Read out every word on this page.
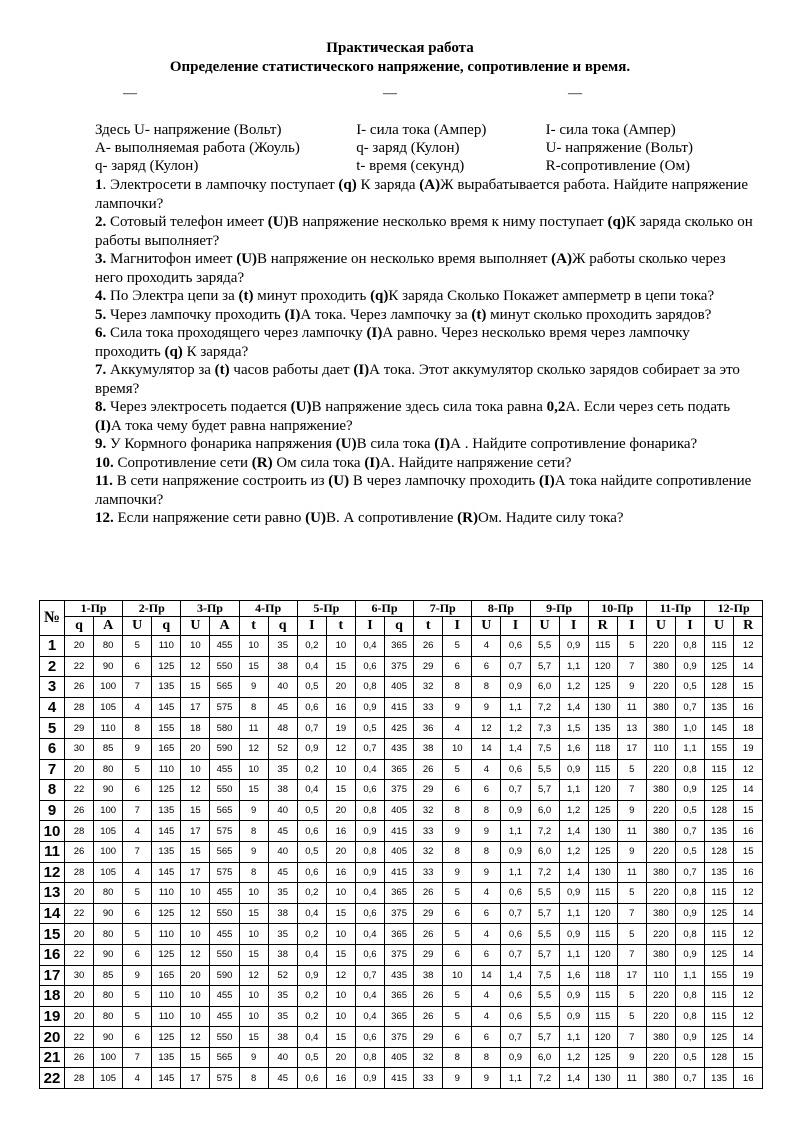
Практическая работа
Определение статистического напряжение, сопротивление и время.
—	—	—
Здесь U- напряжение (Вольт)	I- сила тока (Ампер)	I- сила тока (Ампер)
А- выполняемая работа (Жоуль)	q- заряд (Кулон)	U- напряжение (Вольт)
q- заряд (Кулон)	t- время (секунд)	R-сопротивление (Ом)

1. Электросети в лампочку поступает (q) К заряда (А)Ж вырабатывается работа. Найдите напряжение лампочки?

2. Сотовый телефон имеет (U)В напряжение несколько время к ниму поступает (q)К заряда сколько он работы выполняет?

3. Магнитофон имеет (U)В напряжение он несколько время выполняет (А)Ж работы сколько через него проходить заряда?

4. По Электра цепи за (t) минут проходить (q)К заряда Сколько Покажет амперметр в цепи тока?

5. Через лампочку проходить (I)А тока. Через лампочку за (t) минут сколько проходить зарядов?

6. Сила тока проходящего через лампочку (I)А равно. Через несколько время через лампочку проходить (q) К заряда?

7. Аккумулятор за (t) часов работы дает (I)А тока. Этот аккумулятор сколько зарядов собирает за это время?

8. Через электросеть подается (U)В напряжение здесь сила тока равна 0,2А. Если через сеть подать (I)А тока чему будет равна напряжение?

9. У Кормного фонарика напряжения (U)В сила тока (I)А . Найдите сопротивление фонарика?

10. Сопротивление сети (R) Ом сила тока (I)А. Найдите напряжение сети?

11. В сети напряжение состроить из (U) В через лампочку проходить (I)А тока найдите сопротивление лампочки?

12. Если напряжение сети равно (U)В. А сопротивление (R)Ом. Надите силу тока?

№	1-Пр		2-Пр		3-Пр		4-Пр		5-Пр		6-Пр		7-Пр		8-Пр		9-Пр		10-Пр		11-Пр		12-Пр	
	q	A	U	q	U	A	t	q	I	t	I	q	t	I	U	I	U	I	R	I	U	I	U	R
1	20	80	5	110	10	455	10	35	0,2	10	0,4	365	26	5	4	0,6	5,5	0,9	115	5	220	0,8	115	12
2	22	90	6	125	12	550	15	38	0,4	15	0,6	375	29	6	6	0,7	5,7	1,1	120	7	380	0,9	125	14
3	26	100	7	135	15	565	9	40	0,5	20	0,8	405	32	8	8	0,9	6,0	1,2	125	9	220	0,5	128	15
4	28	105	4	145	17	575	8	45	0,6	16	0,9	415	33	9	9	1,1	7,2	1,4	130	11	380	0,7	135	16
5	29	110	8	155	18	580	11	48	0,7	19	0,5	425	36	4	12	1,2	7,3	1,5	135	13	380	1,0	145	18
6	30	85	9	165	20	590	12	52	0,9	12	0,7	435	38	10	14	1,4	7,5	1,6	118	17	110	1,1	155	19
7	20	80	5	110	10	455	10	35	0,2	10	0,4	365	26	5	4	0,6	5,5	0,9	115	5	220	0,8	115	12
8	22	90	6	125	12	550	15	38	0,4	15	0,6	375	29	6	6	0,7	5,7	1,1	120	7	380	0,9	125	14
9	26	100	7	135	15	565	9	40	0,5	20	0,8	405	32	8	8	0,9	6,0	1,2	125	9	220	0,5	128	15
10	28	105	4	145	17	575	8	45	0,6	16	0,9	415	33	9	9	1,1	7,2	1,4	130	11	380	0,7	135	16
11	26	100	7	135	15	565	9	40	0,5	20	0,8	405	32	8	8	0,9	6,0	1,2	125	9	220	0,5	128	15
12	28	105	4	145	17	575	8	45	0,6	16	0,9	415	33	9	9	1,1	7,2	1,4	130	11	380	0,7	135	16
13	20	80	5	110	10	455	10	35	0,2	10	0,4	365	26	5	4	0,6	5,5	0,9	115	5	220	0,8	115	12
14	22	90	6	125	12	550	15	38	0,4	15	0,6	375	29	6	6	0,7	5,7	1,1	120	7	380	0,9	125	14
15	20	80	5	110	10	455	10	35	0,2	10	0,4	365	26	5	4	0,6	5,5	0,9	115	5	220	0,8	115	12
16	22	90	6	125	12	550	15	38	0,4	15	0,6	375	29	6	6	0,7	5,7	1,1	120	7	380	0,9	125	14
17	30	85	9	165	20	590	12	52	0,9	12	0,7	435	38	10	14	1,4	7,5	1,6	118	17	110	1,1	155	19
18	20	80	5	110	10	455	10	35	0,2	10	0,4	365	26	5	4	0,6	5,5	0,9	115	5	220	0,8	115	12
19	20	80	5	110	10	455	10	35	0,2	10	0,4	365	26	5	4	0,6	5,5	0,9	115	5	220	0,8	115	12
20	22	90	6	125	12	550	15	38	0,4	15	0,6	375	29	6	6	0,7	5,7	1,1	120	7	380	0,9	125	14
21	26	100	7	135	15	565	9	40	0,5	20	0,8	405	32	8	8	0,9	6,0	1,2	125	9	220	0,5	128	15
22	28	105	4	145	17	575	8	45	0,6	16	0,9	415	33	9	9	1,1	7,2	1,4	130	11	380	0,7	135	16
